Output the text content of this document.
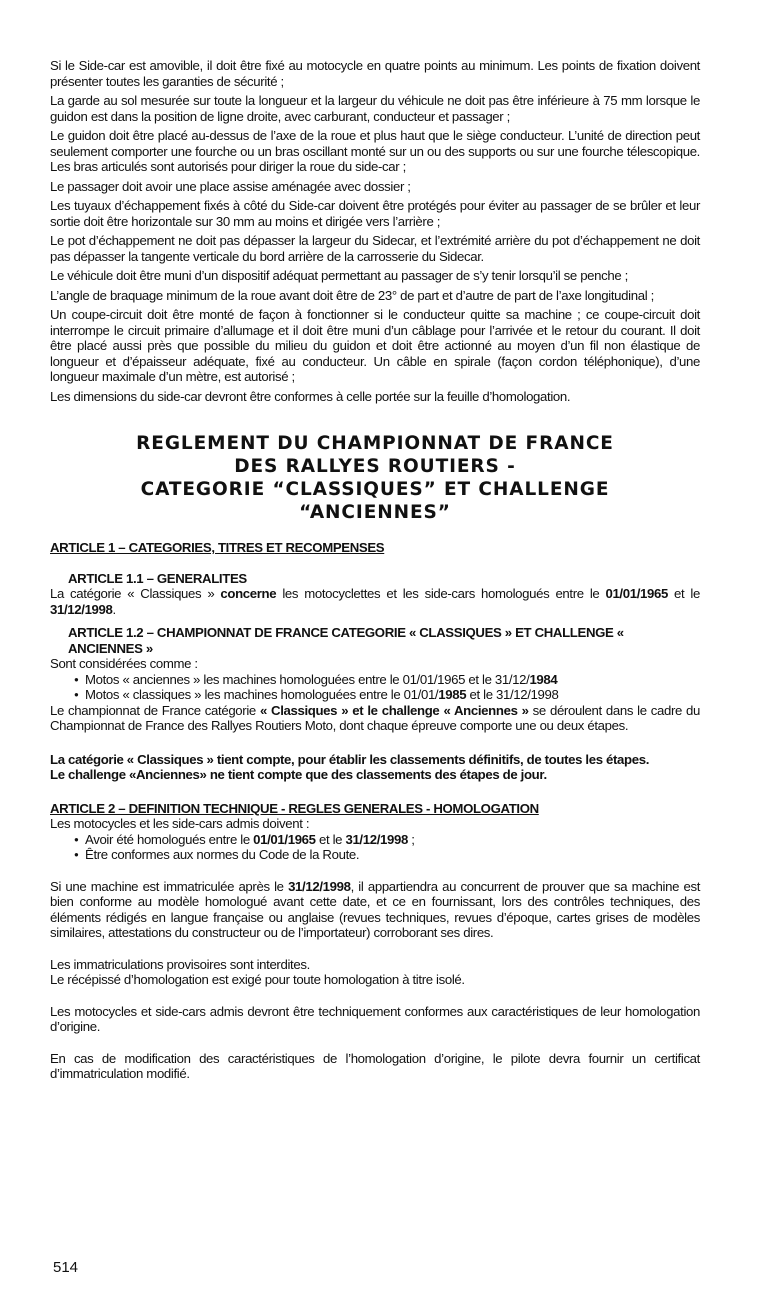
Si le Side-car est amovible, il doit être fixé au motocycle en quatre points au minimum. Les points de fixation doivent présenter toutes les garanties de sécurité ;

La garde au sol mesurée sur toute la longueur et la largeur du véhicule ne doit pas être inférieure à 75 mm lorsque le guidon est dans la position de ligne droite, avec carburant, conducteur et passager ;

Le guidon doit être placé au-dessus de l’axe de la roue et plus haut que le siège conducteur. L’unité de direction peut seulement comporter une fourche ou un bras oscillant monté sur un ou des supports ou sur une fourche télescopique. Les bras articulés sont autorisés pour diriger la roue du side-car ;

Le passager doit avoir une place assise aménagée avec dossier ;

Les tuyaux d’échappement fixés à côté du Side-car doivent être protégés pour éviter au passager de se brûler et leur sortie doit être horizontale sur 30 mm au moins et dirigée vers l’arrière ;

Le pot d’échappement ne doit pas dépasser la largeur du Sidecar, et l’extrémité arrière du pot d’échappement ne doit pas dépasser la tangente verticale du bord arrière de la carrosserie du Sidecar.

Le véhicule doit être muni d’un dispositif adéquat permettant au passager de s’y tenir lorsqu’il se penche ;

L’angle de braquage minimum de la roue avant doit être de 23° de part et d’autre de part de l’axe longitudinal ;

Un coupe-circuit doit être monté de façon à fonctionner si le conducteur quitte sa machine ; ce coupe-circuit doit interrompe le circuit primaire d’allumage et il doit être muni d’un câblage pour l’arrivée et le retour du courant. Il doit être placé aussi près que possible du milieu du guidon et doit être actionné au moyen d’un fil non élastique de longueur et d’épaisseur adéquate, fixé au conducteur. Un câble en spirale (façon cordon téléphonique), d’une longueur maximale d’un mètre, est autorisé ;

Les dimensions du side-car devront être conformes à celle portée sur la feuille d’homologation.

REGLEMENT DU CHAMPIONNAT DE FRANCE
DES RALLYES ROUTIERS -
CATEGORIE “CLASSIQUES” ET CHALLENGE
“ANCIENNES”
ARTICLE 1 – CATEGORIES, TITRES ET RECOMPENSES
ARTICLE 1.1 – GENERALITES

La catégorie « Classiques » concerne les motocyclettes et les side-cars homologués entre le 01/01/1965 et le 31/12/1998.

ARTICLE 1.2 – CHAMPIONNAT DE FRANCE CATEGORIE « CLASSIQUES » ET CHALLENGE « ANCIENNES »

Sont considérées comme :

● Motos « anciennes » les machines homologuées entre le 01/01/1965 et le 31/12/1984
● Motos « classiques » les machines homologuées entre le 01/01/1985 et le 31/12/1998

Le championnat de France catégorie « Classiques » et le challenge « Anciennes » se déroulent dans le cadre du Championnat de France des Rallyes Routiers Moto, dont chaque épreuve comporte une ou deux étapes.

La catégorie « Classiques » tient compte, pour établir les classements définitifs, de toutes les étapes.

Le challenge «Anciennes» ne tient compte que des classements des étapes de jour.

ARTICLE 2 – DEFINITION TECHNIQUE - REGLES GENERALES - HOMOLOGATION

Les motocycles et les side-cars admis doivent :

● Avoir été homologués entre le 01/01/1965 et le 31/12/1998 ;
● Être conformes aux normes du Code de la Route.

Si une machine est immatriculée après le 31/12/1998, il appartiendra au concurrent de prouver que sa machine est bien conforme au modèle homologué avant cette date, et ce en fournissant, lors des contrôles techniques, des éléments rédigés en langue française ou anglaise (revues techniques, revues d’époque, cartes grises de modèles similaires, attestations du constructeur ou de l’importateur) corroborant ses dires.

Les immatriculations provisoires sont interdites.

Le récépissé d’homologation est exigé pour toute homologation à titre isolé.

Les motocycles et side-cars admis devront être techniquement conformes aux caractéristiques de leur homologation d’origine.

En cas de modification des caractéristiques de l’homologation d’origine, le pilote devra fournir un certificat d’immatriculation modifié.

514
